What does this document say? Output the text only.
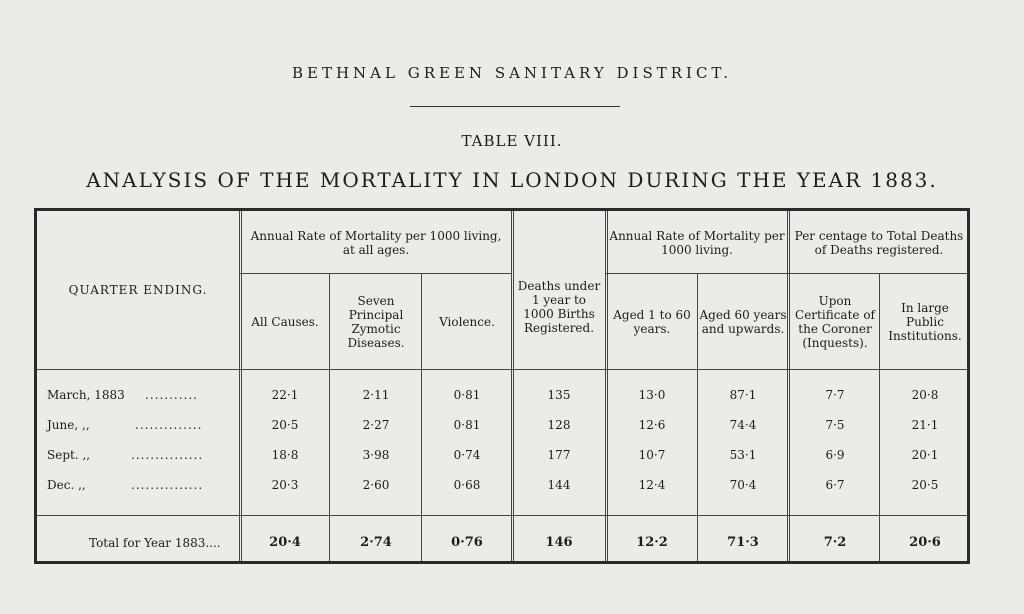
BETHNAL GREEN SANITARY DISTRICT.
TABLE VIII.
ANALYSIS OF THE MORTALITY IN LONDON DURING THE YEAR 1883.
QUARTER ENDING.
Annual Rate of Mortality per 1000 living, at all ages.
All Causes.
Seven Principal Zymotic Diseases.
Violence.
Deaths under 1 year to 1000 Births Registered.
Annual Rate of Mortality per 1000 living.
Aged 1 to 60 years.
Aged 60 years and upwards.
Per centage to Total Deaths of Deaths registered.
Upon Certificate of the Coroner (Inquests).
In large Public Institutions.
March, 1883 ...........	22·1	2·11	0·81	135	13·0	87·1	7·7	20·8
June, ,,	..............	20·5	2·27	0·81	128	12·6	74·4	7·5	21·1
Sept. ,,	...............	18·8	3·98	0·74	177	10·7	53·1	6·9	20·1
Dec. ,,	...............	20·3	2·60	0·68	144	12·4	70·4	6·7	20·5
Total for Year 1883....	20·4	2·74	0·76	146	12·2	71·3	7·2	20·6
